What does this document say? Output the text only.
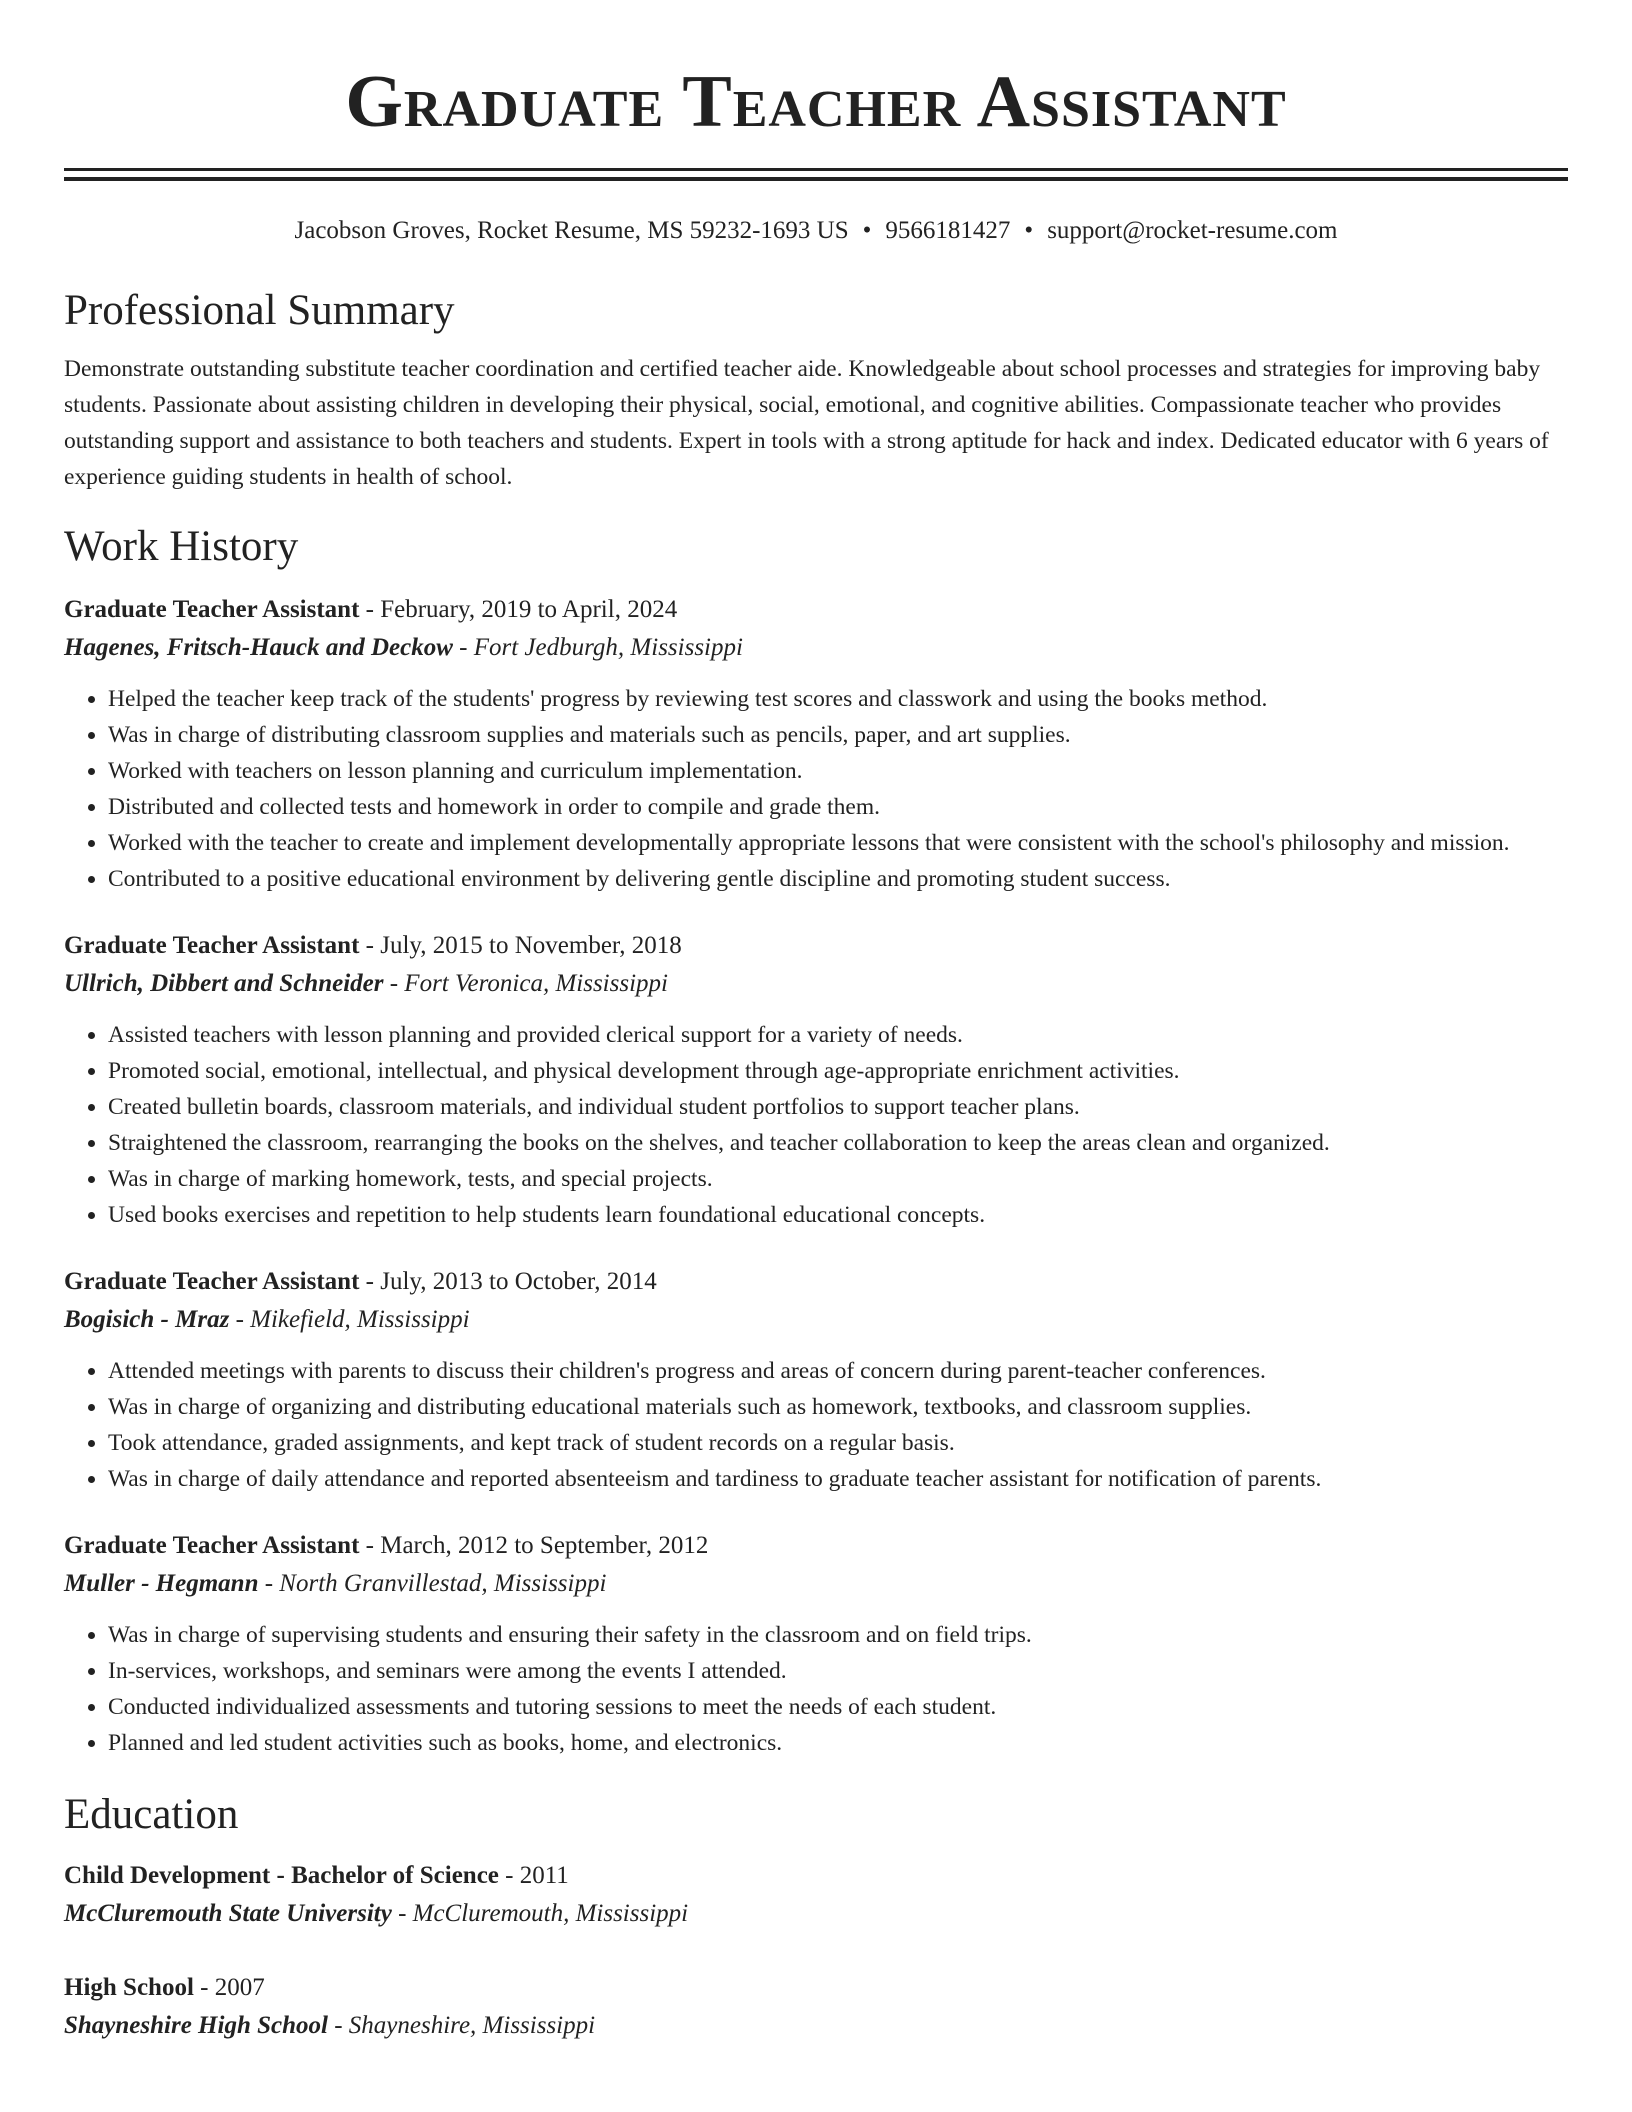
Graduate Teacher Assistant
Jacobson Groves, Rocket Resume, MS 59232-1693 US • 9566181427 • support@rocket-resume.com
Professional Summary
Demonstrate outstanding substitute teacher coordination and certified teacher aide. Knowledgeable about school processes and strategies for improving baby students. Passionate about assisting children in developing their physical, social, emotional, and cognitive abilities. Compassionate teacher who provides outstanding support and assistance to both teachers and students. Expert in tools with a strong aptitude for hack and index. Dedicated educator with 6 years of experience guiding students in health of school.
Work History
Graduate Teacher Assistant - February, 2019 to April, 2024
Hagenes, Fritsch-Hauck and Deckow - Fort Jedburgh, Mississippi
• Helped the teacher keep track of the students' progress by reviewing test scores and classwork and using the books method.
• Was in charge of distributing classroom supplies and materials such as pencils, paper, and art supplies.
• Worked with teachers on lesson planning and curriculum implementation.
• Distributed and collected tests and homework in order to compile and grade them.
• Worked with the teacher to create and implement developmentally appropriate lessons that were consistent with the school's philosophy and mission.
• Contributed to a positive educational environment by delivering gentle discipline and promoting student success.
Graduate Teacher Assistant - July, 2015 to November, 2018
Ullrich, Dibbert and Schneider - Fort Veronica, Mississippi
• Assisted teachers with lesson planning and provided clerical support for a variety of needs.
• Promoted social, emotional, intellectual, and physical development through age-appropriate enrichment activities.
• Created bulletin boards, classroom materials, and individual student portfolios to support teacher plans.
• Straightened the classroom, rearranging the books on the shelves, and teacher collaboration to keep the areas clean and organized.
• Was in charge of marking homework, tests, and special projects.
• Used books exercises and repetition to help students learn foundational educational concepts.
Graduate Teacher Assistant - July, 2013 to October, 2014
Bogisich - Mraz - Mikefield, Mississippi
• Attended meetings with parents to discuss their children's progress and areas of concern during parent-teacher conferences.
• Was in charge of organizing and distributing educational materials such as homework, textbooks, and classroom supplies.
• Took attendance, graded assignments, and kept track of student records on a regular basis.
• Was in charge of daily attendance and reported absenteeism and tardiness to graduate teacher assistant for notification of parents.
Graduate Teacher Assistant - March, 2012 to September, 2012
Muller - Hegmann - North Granvillestad, Mississippi
• Was in charge of supervising students and ensuring their safety in the classroom and on field trips.
• In-services, workshops, and seminars were among the events I attended.
• Conducted individualized assessments and tutoring sessions to meet the needs of each student.
• Planned and led student activities such as books, home, and electronics.
Education
Child Development - Bachelor of Science - 2011
McCluremouth State University - McCluremouth, Mississippi
High School - 2007
Shayneshire High School - Shayneshire, Mississippi
